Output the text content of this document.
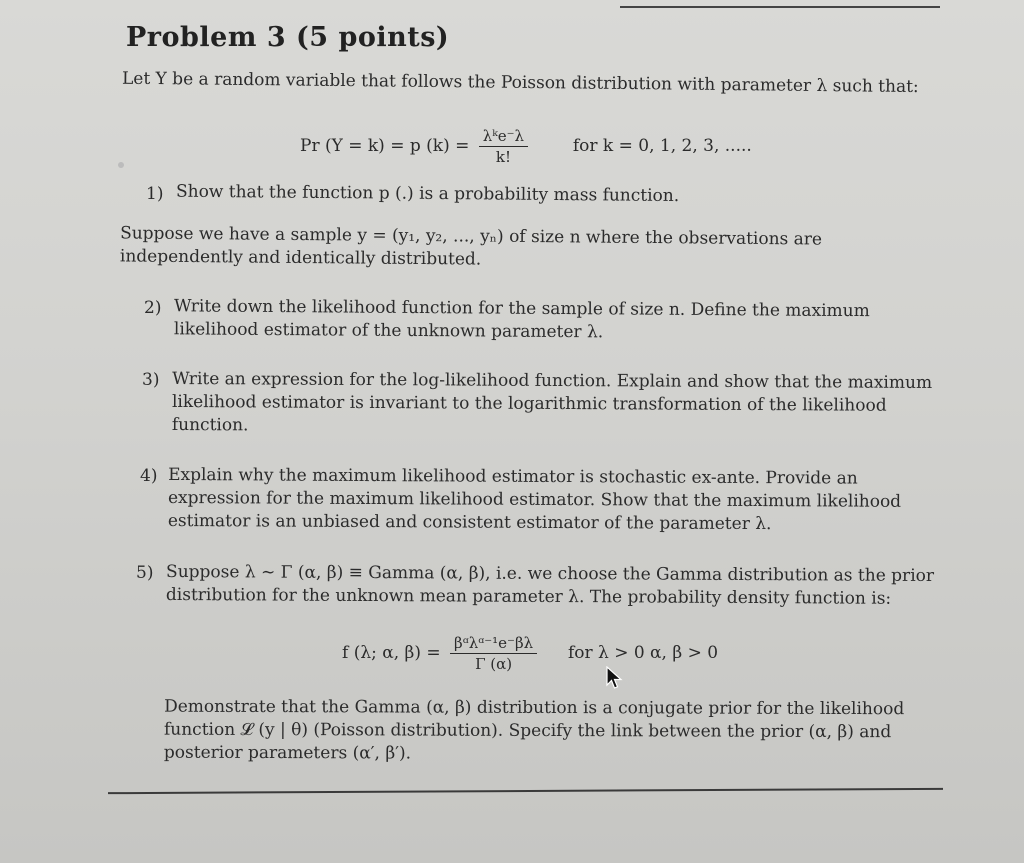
Problem 3 (5 points)
Let Y be a random variable that follows the Poisson distribution with parameter λ such that:
Pr (Y = k) = p $(k) = \frac{\text{λᵏe⁻λ}}{k!}$	for k = 0, 1, 2, 3, .....
1) Show that the function p (.) is a probability mass function.
Suppose we have a sample y = (y₁, y₂, ..., yₙ) of size n where the observations are independently and identically distributed.
2) Write down the likelihood function for the sample of size n. Define the maximum likelihood estimator of the unknown parameter λ.
3) Write an expression for the log-likelihood function. Explain and show that the maximum likelihood estimator is invariant to the logarithmic transformation of the likelihood function.
4) Explain why the maximum likelihood estimator is stochastic ex-ante. Provide an expression for the maximum likelihood estimator. Show that the maximum likelihood estimator is an unbiased and consistent estimator of the parameter λ.
5) Suppose λ ~ Γ (α, β) ≡ Gamma (α, β), i.e. we choose the Gamma distribution as the prior distribution for the unknown mean parameter λ. The probability density function is:
f (λ; α, $\beta) = \frac{\text{βᵅλᵅ⁻¹e⁻βλ}}{\Gamma (\alpha)}$ for λ > 0 α, β > 0
Demonstrate that the Gamma (α, β) distribution is a conjugate prior for the likelihood function 𝓛 (y | θ) (Poisson distribution). Specify the link between the prior (α, β) and posterior parameters (α′, β′).
